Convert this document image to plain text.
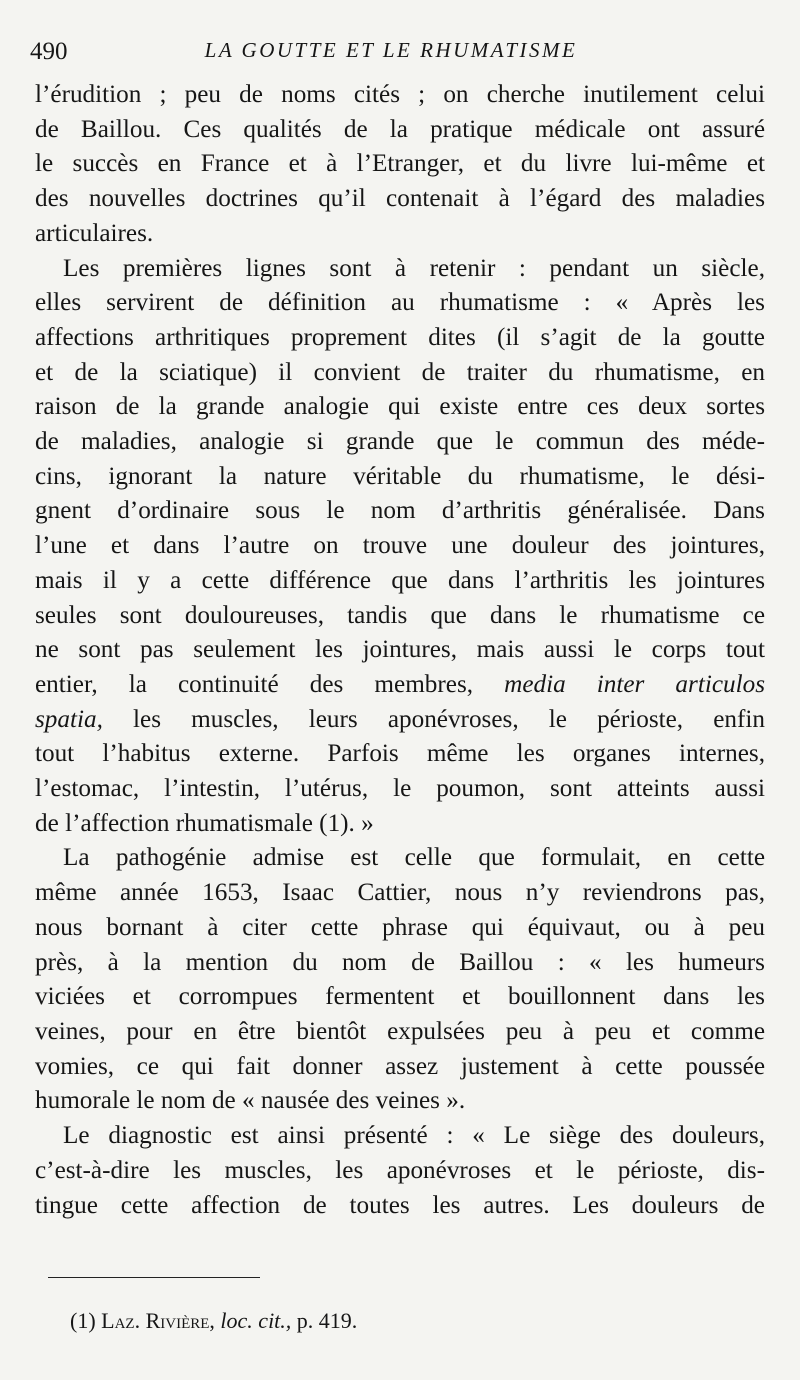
490	LA GOUTTE ET LE RHUMATISME

l’érudition ; peu de noms cités ; on cherche inutilement celui
de Baillou. Ces qualités de la pratique médicale ont assuré
le succès en France et à l’Etranger, et du livre lui-même et
des nouvelles doctrines qu’il contenait à l’égard des maladies
articulaires.

Les premières lignes sont à retenir : pendant un siècle,
elles servirent de définition au rhumatisme : « Après les
affections arthritiques proprement dites (il s’agit de la goutte
et de la sciatique) il convient de traiter du rhumatisme, en
raison de la grande analogie qui existe entre ces deux sortes
de maladies, analogie si grande que le commun des méde-
cins, ignorant la nature véritable du rhumatisme, le dési-
gnent d’ordinaire sous le nom d’arthritis généralisée. Dans
l’une et dans l’autre on trouve une douleur des jointures,
mais il y a cette différence que dans l’arthritis les jointures
seules sont douloureuses, tandis que dans le rhumatisme ce
ne sont pas seulement les jointures, mais aussi le corps tout
entier, la continuité des membres, media inter articulos
spatia, les muscles, leurs aponévroses, le périoste, enfin
tout l’habitus externe. Parfois même les organes internes,
l’estomac, l’intestin, l’utérus, le poumon, sont atteints aussi
de l’affection rhumatismale (1). »

La pathogénie admise est celle que formulait, en cette
même année 1653, Isaac Cattier, nous n’y reviendrons pas,
nous bornant à citer cette phrase qui équivaut, ou à peu
près, à la mention du nom de Baillou : « les humeurs
viciées et corrompues fermentent et bouillonnent dans les
veines, pour en être bientôt expulsées peu à peu et comme
vomies, ce qui fait donner assez justement à cette poussée
humorale le nom de « nausée des veines ».

Le diagnostic est ainsi présenté : « Le siège des douleurs,
c’est-à-dire les muscles, les aponévroses et le périoste, dis-
tingue cette affection de toutes les autres. Les douleurs de

(1) Laz. Rivière, loc. cit., p. 419.
